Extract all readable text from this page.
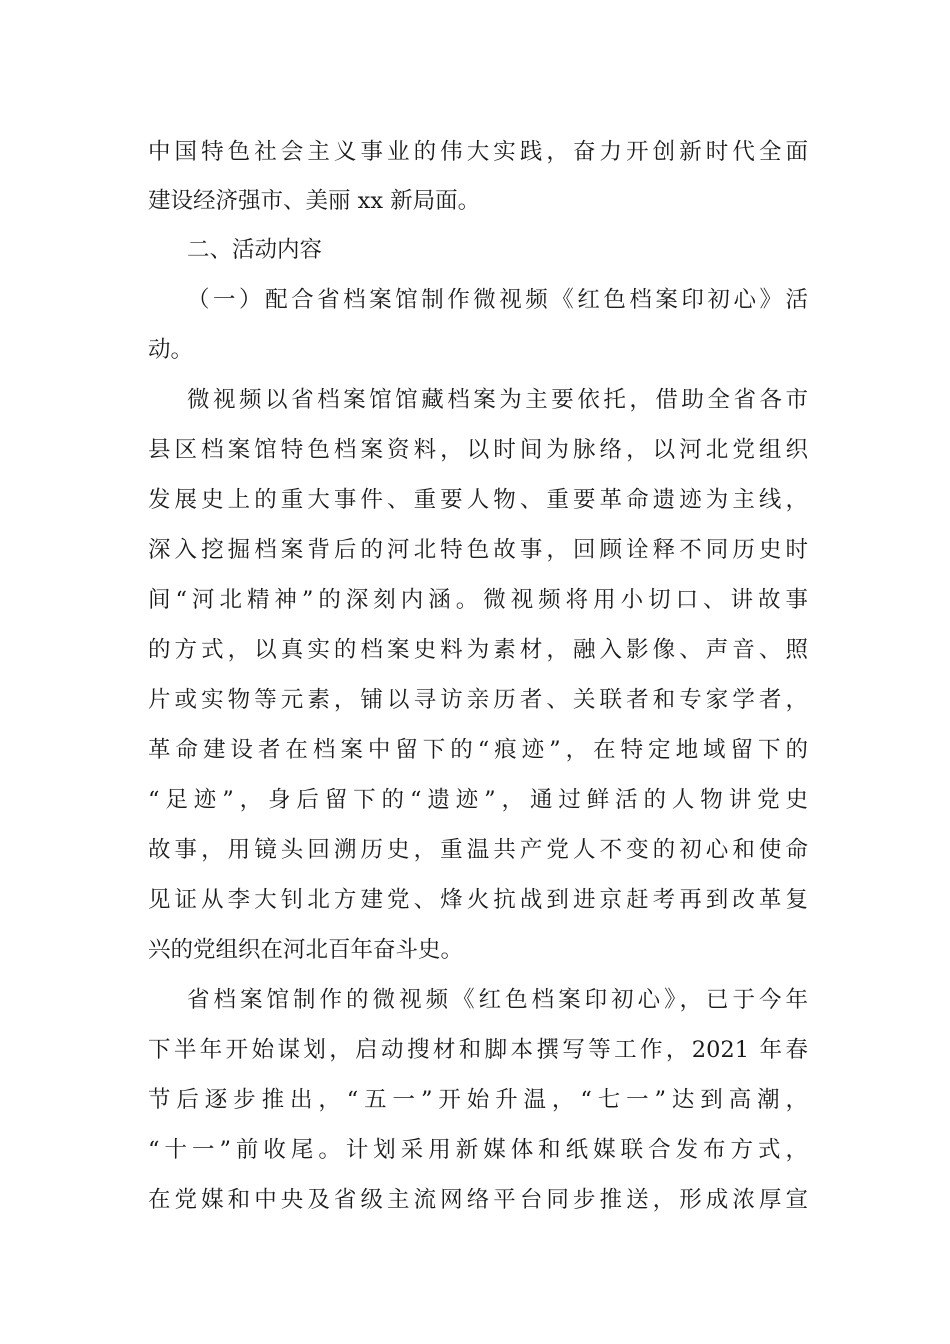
中国特色社会主义事业的伟大实践，奋力开创新时代全面
建设经济强市、美丽 xx 新局面。
二、活动内容
（一）配合省档案馆制作微视频《红色档案印初心》活
动。
微视频以省档案馆馆藏档案为主要依托，借助全省各市
县区档案馆特色档案资料，以时间为脉络，以河北党组织
发展史上的重大事件、重要人物、重要革命遗迹为主线，
深入挖掘档案背后的河北特色故事，回顾诠释不同历史时
间“河北精神”的深刻内涵。微视频将用小切口、讲故事
的方式，以真实的档案史料为素材，融入影像、声音、照
片或实物等元素，铺以寻访亲历者、关联者和专家学者，
革命建设者在档案中留下的“痕迹”，在特定地域留下的
“足迹”，身后留下的“遗迹”，通过鲜活的人物讲党史
故事，用镜头回溯历史，重温共产党人不变的初心和使命
见证从李大钊北方建党、烽火抗战到进京赶考再到改革复
兴的党组织在河北百年奋斗史。
省档案馆制作的微视频《红色档案印初心》，已于今年
下半年开始谋划，启动搜材和脚本撰写等工作，2021 年春
节后逐步推出，“五一”开始升温，“七一”达到高潮，
“十一”前收尾。计划采用新媒体和纸媒联合发布方式，
在党媒和中央及省级主流网络平台同步推送，形成浓厚宣
